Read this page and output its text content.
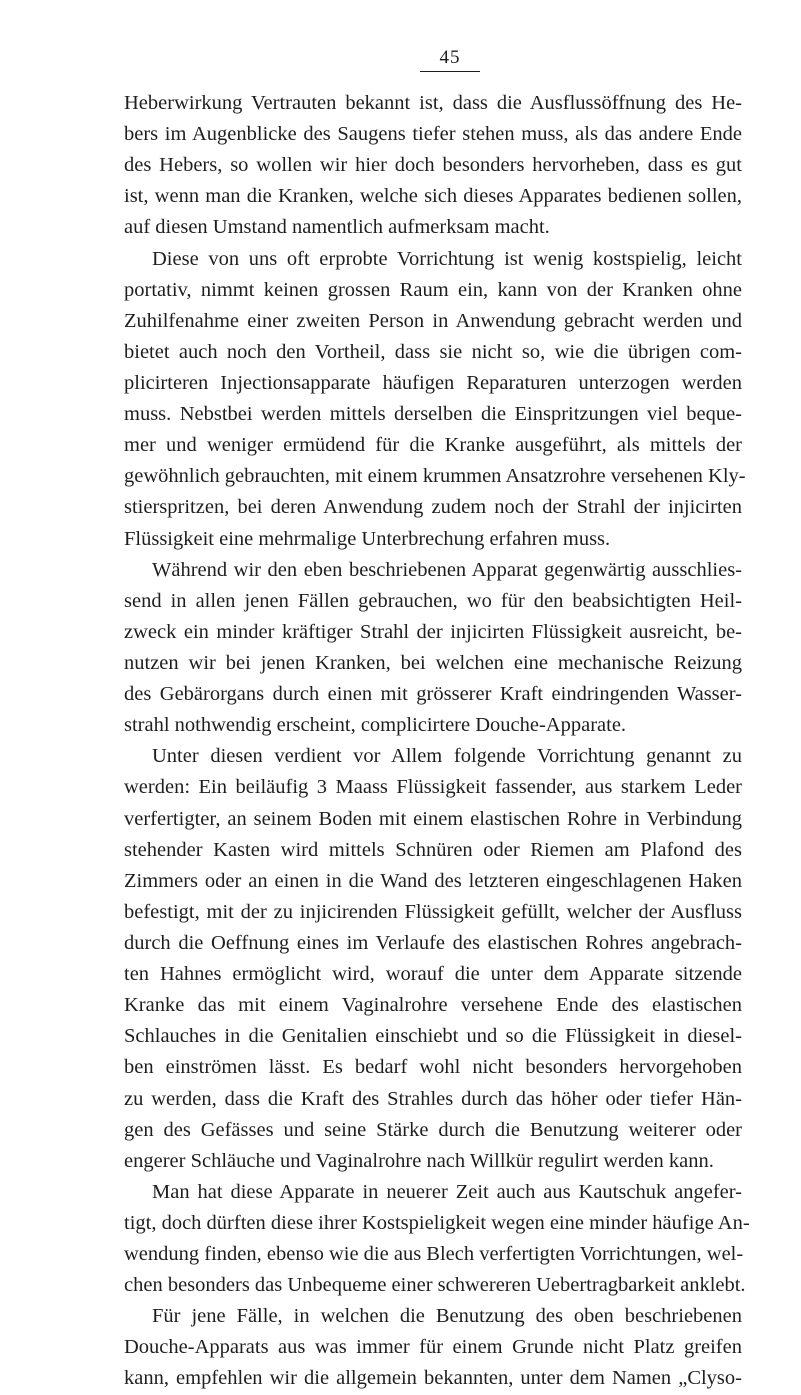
45
Heberwirkung Vertrauten bekannt ist, dass die Ausflussöffnung des He-
bers im Augenblicke des Saugens tiefer stehen muss, als das andere Ende
des Hebers, so wollen wir hier doch besonders hervorheben, dass es gut
ist, wenn man die Kranken, welche sich dieses Apparates bedienen sollen,
auf diesen Umstand namentlich aufmerksam macht.
Diese von uns oft erprobte Vorrichtung ist wenig kostspielig, leicht
portativ, nimmt keinen grossen Raum ein, kann von der Kranken ohne
Zuhilfenahme einer zweiten Person in Anwendung gebracht werden und
bietet auch noch den Vortheil, dass sie nicht so, wie die übrigen com-
plicirteren Injectionsapparate häufigen Reparaturen unterzogen werden
muss. Nebstbei werden mittels derselben die Einspritzungen viel beque-
mer und weniger ermüdend für die Kranke ausgeführt, als mittels der
gewöhnlich gebrauchten, mit einem krummen Ansatzrohre versehenen Kly-
stierspritzen, bei deren Anwendung zudem noch der Strahl der injicirten
Flüssigkeit eine mehrmalige Unterbrechung erfahren muss.
Während wir den eben beschriebenen Apparat gegenwärtig ausschlies-
send in allen jenen Fällen gebrauchen, wo für den beabsichtigten Heil-
zweck ein minder kräftiger Strahl der injicirten Flüssigkeit ausreicht, be-
nutzen wir bei jenen Kranken, bei welchen eine mechanische Reizung
des Gebärorgans durch einen mit grösserer Kraft eindringenden Wasser-
strahl nothwendig erscheint, complicirtere Douche-Apparate.
Unter diesen verdient vor Allem folgende Vorrichtung genannt zu
werden: Ein beiläufig 3 Maass Flüssigkeit fassender, aus starkem Leder
verfertigter, an seinem Boden mit einem elastischen Rohre in Verbindung
stehender Kasten wird mittels Schnüren oder Riemen am Plafond des
Zimmers oder an einen in die Wand des letzteren eingeschlagenen Haken
befestigt, mit der zu injicirenden Flüssigkeit gefüllt, welcher der Ausfluss
durch die Oeffnung eines im Verlaufe des elastischen Rohres angebrach-
ten Hahnes ermöglicht wird, worauf die unter dem Apparate sitzende
Kranke das mit einem Vaginalrohre versehene Ende des elastischen
Schlauches in die Genitalien einschiebt und so die Flüssigkeit in diesel-
ben einströmen lässt. Es bedarf wohl nicht besonders hervorgehoben
zu werden, dass die Kraft des Strahles durch das höher oder tiefer Hän-
gen des Gefässes und seine Stärke durch die Benutzung weiterer oder
engerer Schläuche und Vaginalrohre nach Willkür regulirt werden kann.
Man hat diese Apparate in neuerer Zeit auch aus Kautschuk angefer-
tigt, doch dürften diese ihrer Kostspieligkeit wegen eine minder häufige An-
wendung finden, ebenso wie die aus Blech verfertigten Vorrichtungen, wel-
chen besonders das Unbequeme einer schwereren Uebertragbarkeit anklebt.
Für jene Fälle, in welchen die Benutzung des oben beschriebenen
Douche-Apparats aus was immer für einem Grunde nicht Platz greifen
kann, empfehlen wir die allgemein bekannten, unter dem Namen „Clyso-
